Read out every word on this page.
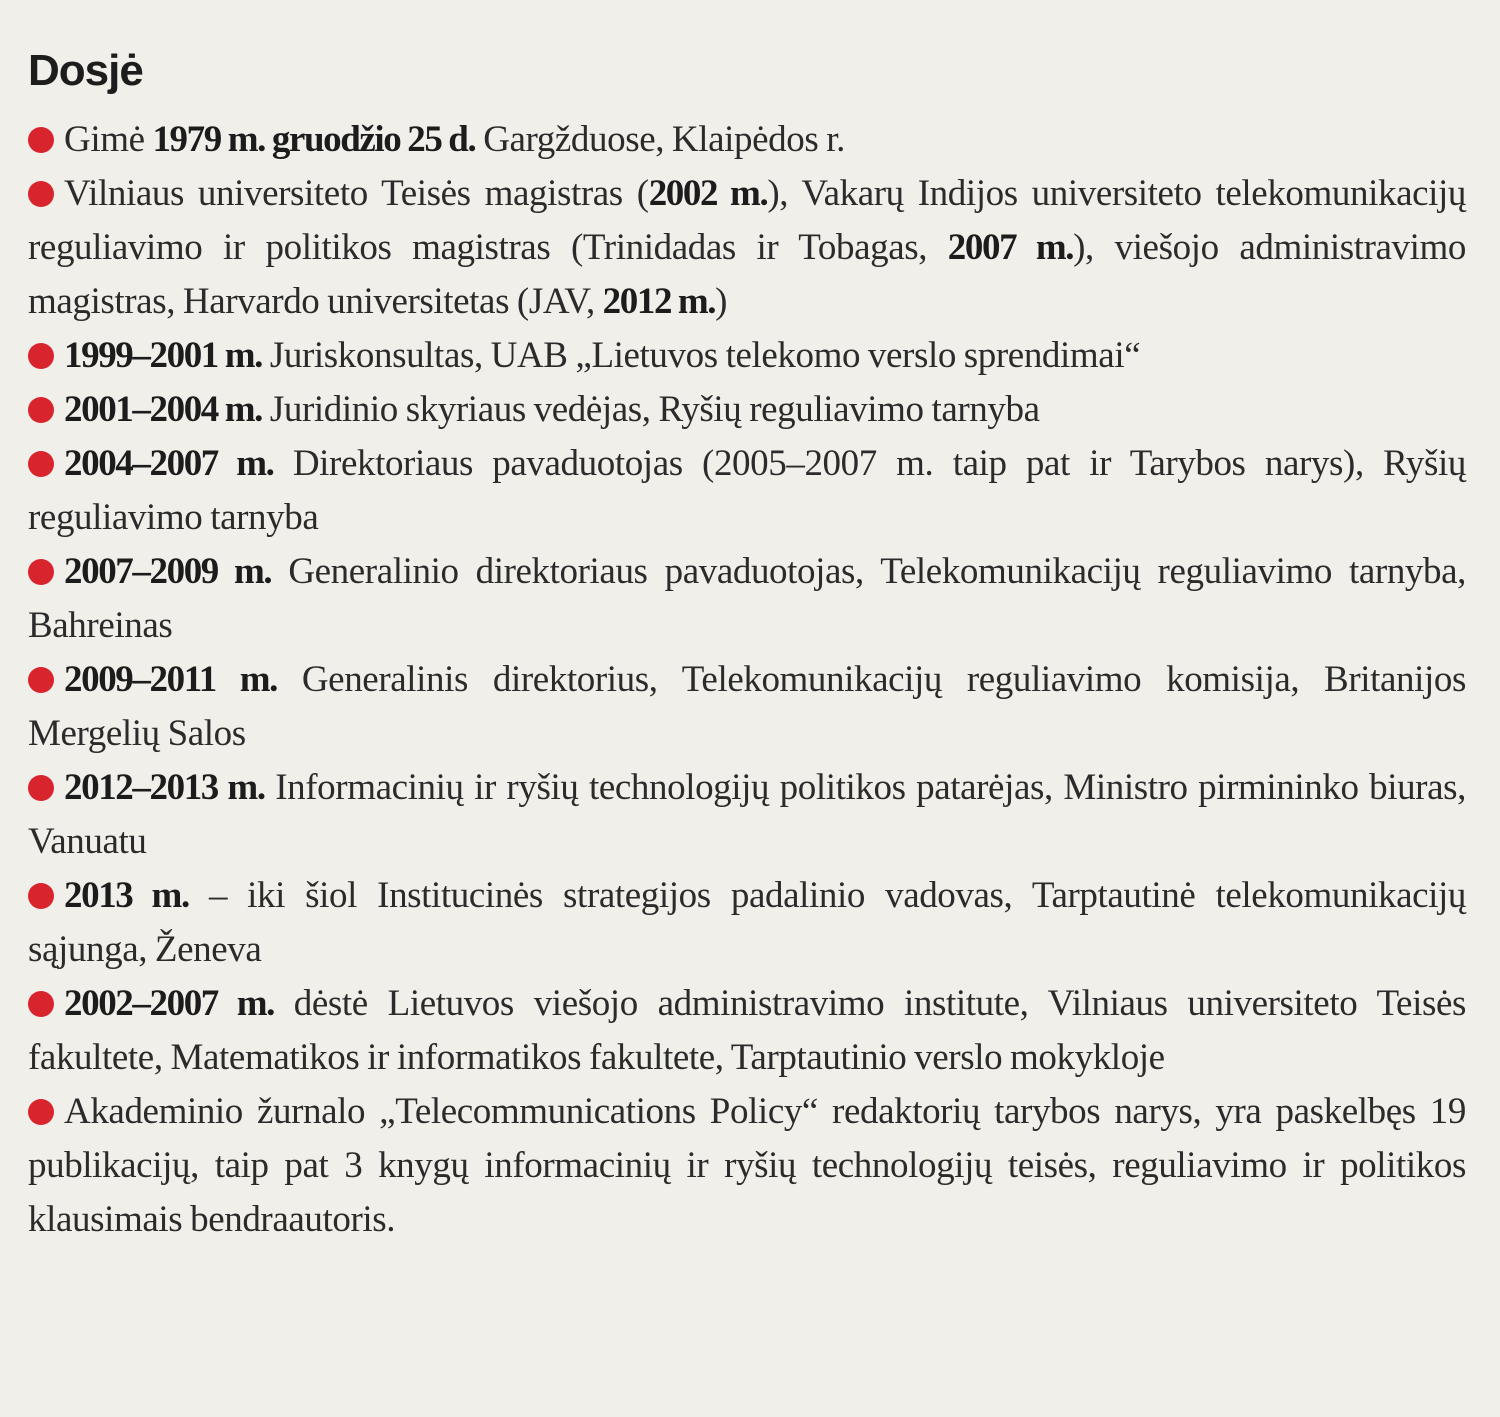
Dosjė
Gimė 1979 m. gruodžio 25 d. Gargžduose, Klaipėdos r.
Vilniaus universiteto Teisės magistras (2002 m.), Vakarų Indijos universiteto telekomunikacijų reguliavimo ir politikos magistras (Trinidadas ir Tobagas, 2007 m.), viešojo administravimo magistras, Harvardo universitetas (JAV, 2012 m.)
1999–2001 m. Juriskonsultas, UAB „Lietuvos telekomo verslo sprendimai“
2001–2004 m. Juridinio skyriaus vedėjas, Ryšių reguliavimo tarnyba
2004–2007 m. Direktoriaus pavaduotojas (2005–2007 m. taip pat ir Tarybos narys), Ryšių reguliavimo tarnyba
2007–2009 m. Generalinio direktoriaus pavaduotojas, Telekomunikacijų reguliavimo tarnyba, Bahreinas
2009–2011 m. Generalinis direktorius, Telekomunikacijų reguliavimo komisija, Britanijos Mergelių Salos
2012–2013 m. Informacinių ir ryšių technologijų politikos patarėjas, Ministro pirmininko biuras, Vanuatu
2013 m. – iki šiol Institucinės strategijos padalinio vadovas, Tarptautinė telekomunikacijų sąjunga, Ženeva
2002–2007 m. dėstė Lietuvos viešojo administravimo institute, Vilniaus universiteto Teisės fakultete, Matematikos ir informatikos fakultete, Tarptautinio verslo mokykloje
Akademinio žurnalo „Telecommunications Policy“ redaktorių tarybos narys, yra paskelbęs 19 publikacijų, taip pat 3 knygų informacinių ir ryšių technologijų teisės, reguliavimo ir politikos klausimais bendraautoris.
